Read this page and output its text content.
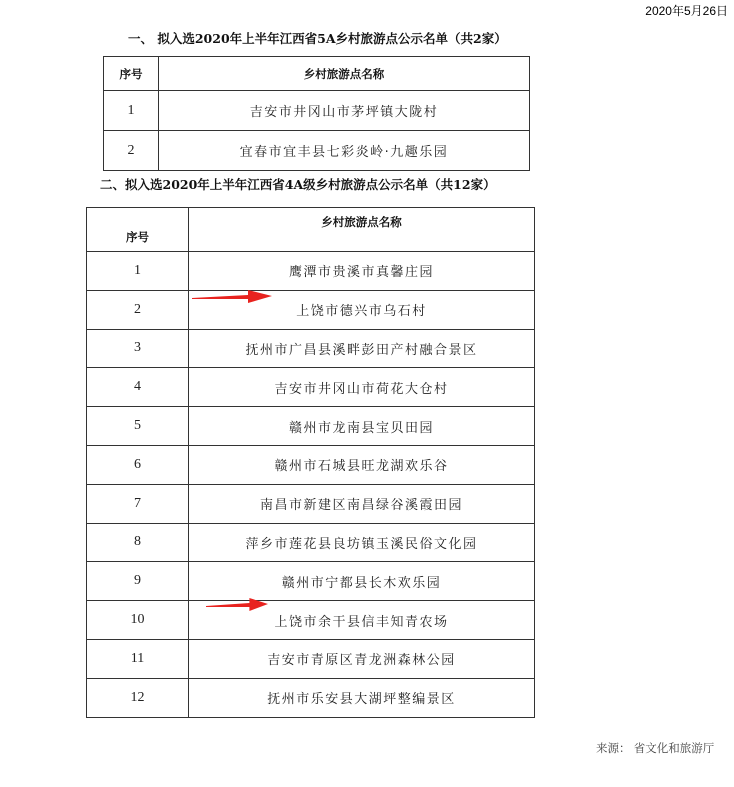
2020年5月26日
一、 拟入选2020年上半年江西省5A乡村旅游点公示名单（共2家）
序号	乡村旅游点名称
1	吉安市井冈山市茅坪镇大陇村
2	宜春市宜丰县七彩炎岭·九趣乐园
二、拟入选2020年上半年江西省4A级乡村旅游点公示名单（共12家）
序号	乡村旅游点名称
1	鹰潭市贵溪市真馨庄园
2	上饶市德兴市乌石村
3	抚州市广昌县溪畔彭田产村融合景区
4	吉安市井冈山市荷花大仓村
5	赣州市龙南县宝贝田园
6	赣州市石城县旺龙湖欢乐谷
7	南昌市新建区南昌绿谷溪霞田园
8	萍乡市莲花县良坊镇玉溪民俗文化园
9	赣州市宁都县长木欢乐园
10	上饶市余干县信丰知青农场
11	吉安市青原区青龙洲森林公园
12	抚州市乐安县大湖坪整编景区
来源： 省文化和旅游厅
